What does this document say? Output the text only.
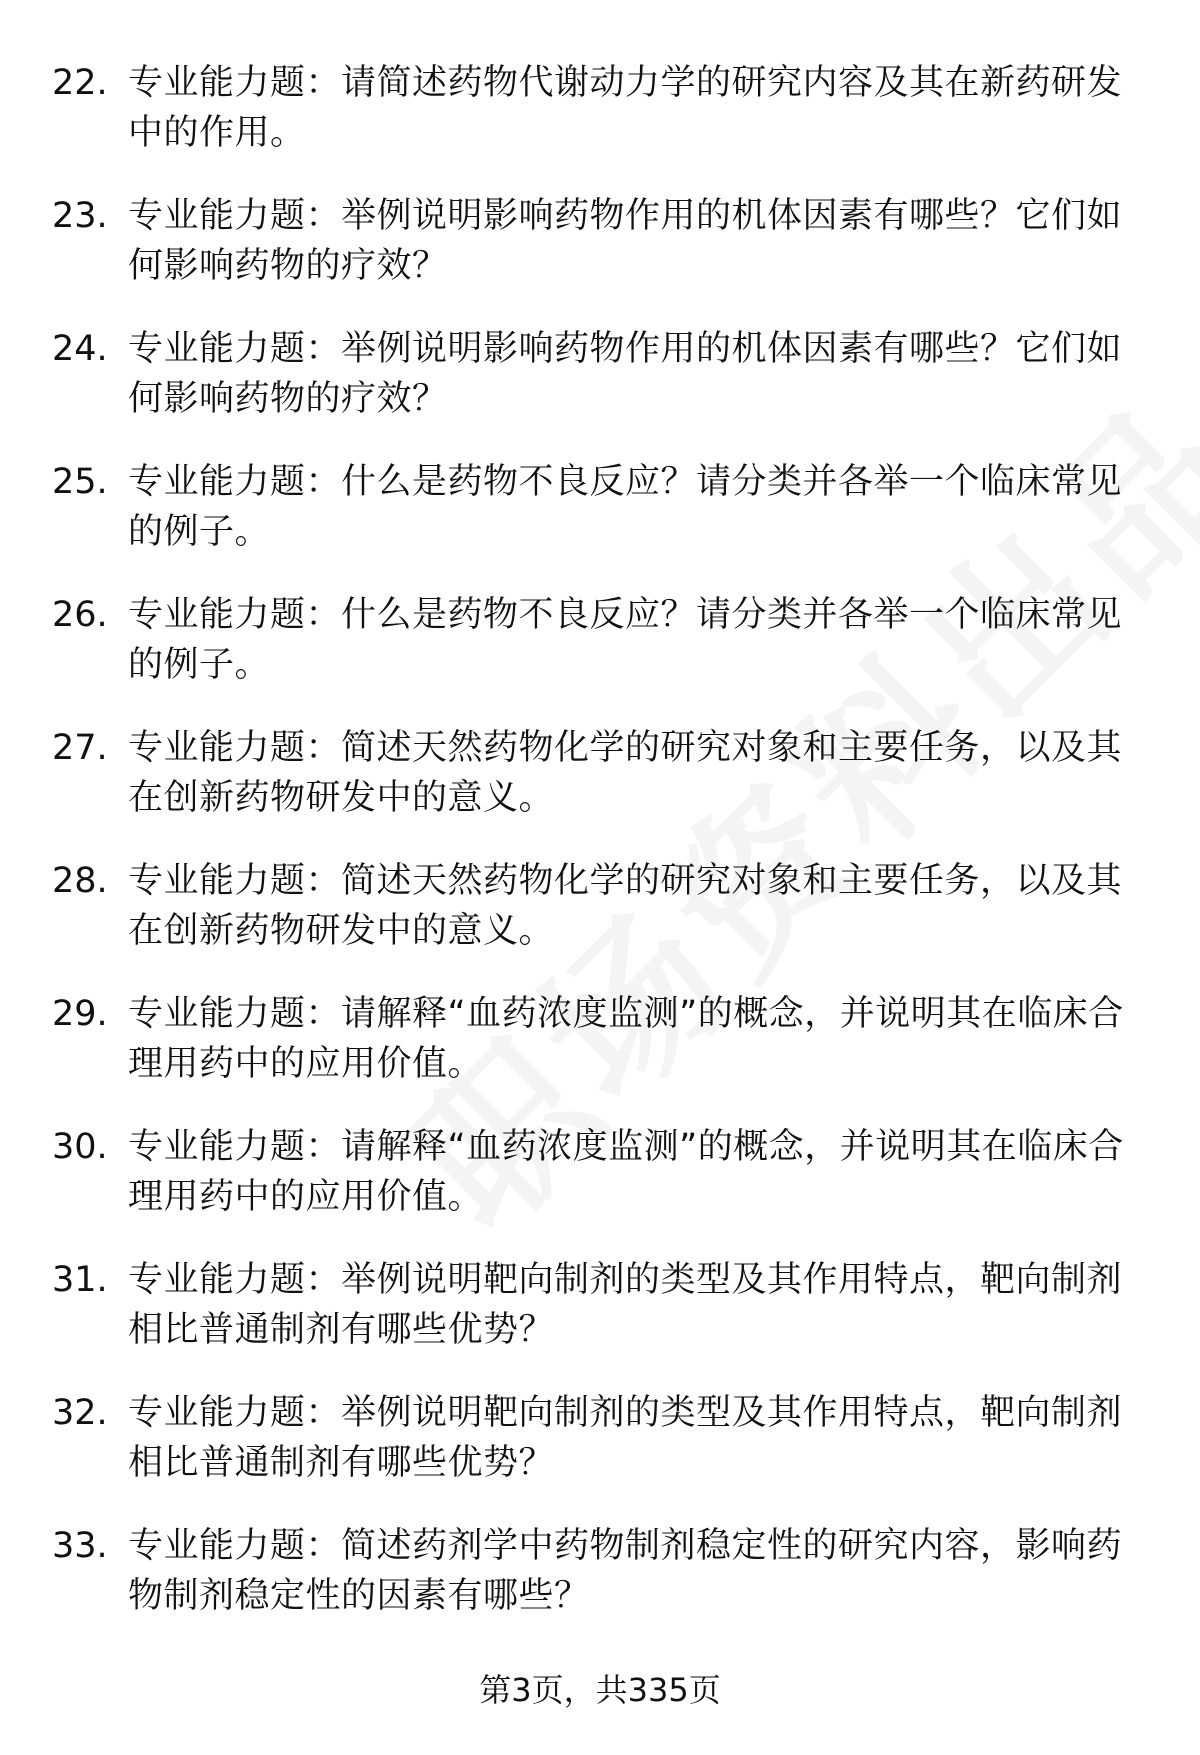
22. 专业能力题：请简述药物代谢动力学的研究内容及其在新药研发中的作用。
23. 专业能力题：举例说明影响药物作用的机体因素有哪些？它们如何影响药物的疗效？
24. 专业能力题：举例说明影响药物作用的机体因素有哪些？它们如何影响药物的疗效？
25. 专业能力题：什么是药物不良反应？请分类并各举一个临床常见的例子。
26. 专业能力题：什么是药物不良反应？请分类并各举一个临床常见的例子。
27. 专业能力题：简述天然药物化学的研究对象和主要任务，以及其在创新药物研发中的意义。
28. 专业能力题：简述天然药物化学的研究对象和主要任务，以及其在创新药物研发中的意义。
29. 专业能力题：请解释“血药浓度监测”的概念，并说明其在临床合理用药中的应用价值。
30. 专业能力题：请解释“血药浓度监测”的概念，并说明其在临床合理用药中的应用价值。
31. 专业能力题：举例说明靶向制剂的类型及其作用特点，靶向制剂相比普通制剂有哪些优势？
32. 专业能力题：举例说明靶向制剂的类型及其作用特点，靶向制剂相比普通制剂有哪些优势？
33. 专业能力题：简述药剂学中药物制剂稳定性的研究内容，影响药物制剂稳定性的因素有哪些？
第3页，共335页
